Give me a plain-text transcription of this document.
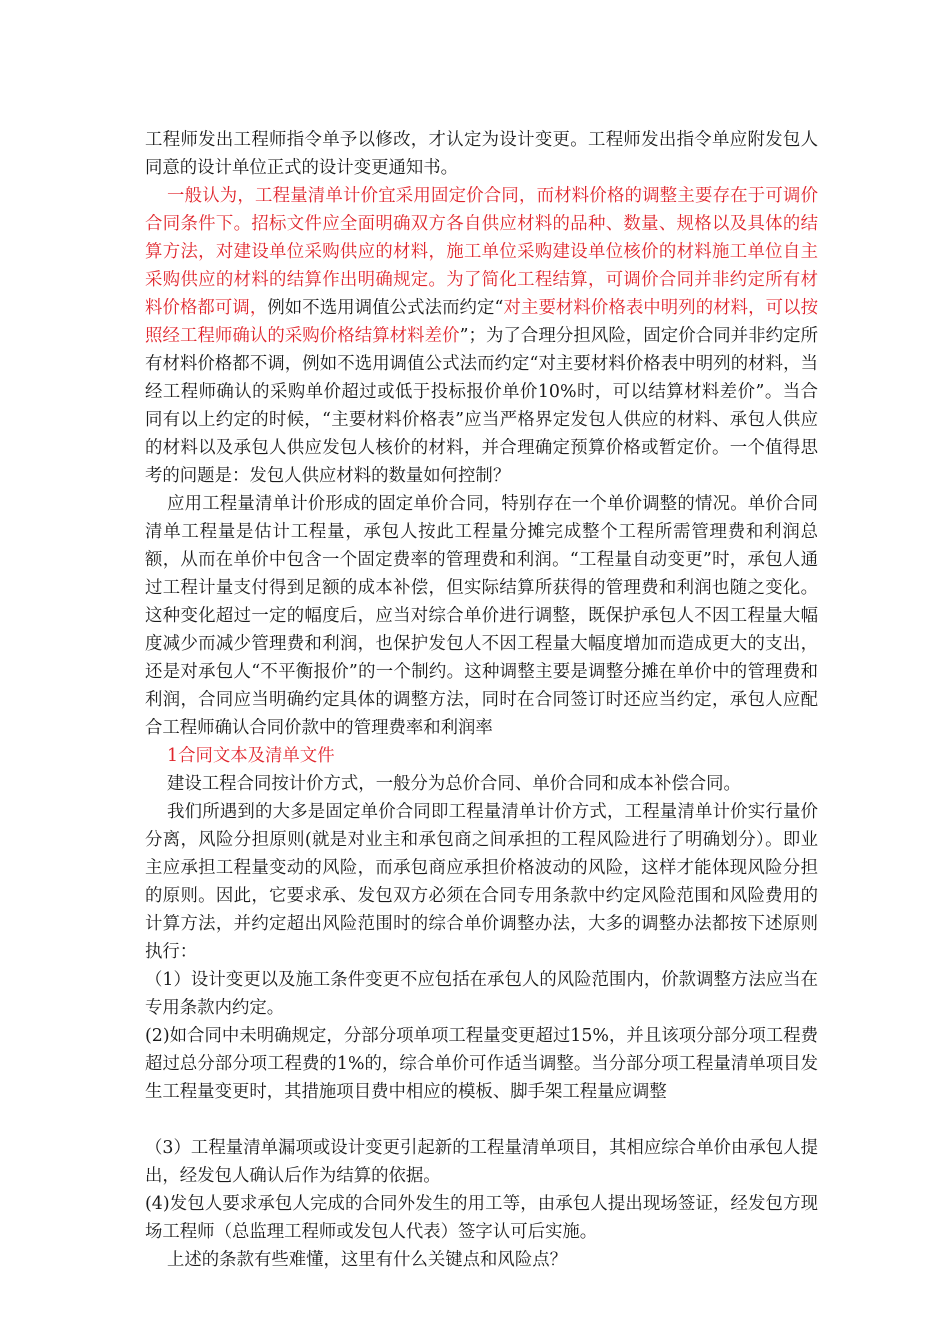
工程师发出工程师指令单予以修改，才认定为设计变更。工程师发出指令单应附发包人同意的设计单位正式的设计变更通知书。

一般认为，工程量清单计价宜采用固定价合同，而材料价格的调整主要存在于可调价合同条件下。招标文件应全面明确双方各自供应材料的品种、数量、规格以及具体的结算方法，对建设单位采购供应的材料，施工单位采购建设单位核价的材料施工单位自主采购供应的材料的结算作出明确规定。为了简化工程结算，可调价合同并非约定所有材料价格都可调，例如不选用调值公式法而约定“对主要材料价格表中明列的材料，可以按照经工程师确认的采购价格结算材料差价”；为了合理分担风险，固定价合同并非约定所有材料价格都不调，例如不选用调值公式法而约定“对主要材料价格表中明列的材料，当经工程师确认的采购单价超过或低于投标报价单价10%时，可以结算材料差价”。当合同有以上约定的时候，“主要材料价格表”应当严格界定发包人供应的材料、承包人供应的材料以及承包人供应发包人核价的材料，并合理确定预算价格或暂定价。一个值得思考的问题是：发包人供应材料的数量如何控制？

应用工程量清单计价形成的固定单价合同，特别存在一个单价调整的情况。单价合同清单工程量是估计工程量，承包人按此工程量分摊完成整个工程所需管理费和利润总额，从而在单价中包含一个固定费率的管理费和利润。“工程量自动变更”时，承包人通过工程计量支付得到足额的成本补偿，但实际结算所获得的管理费和利润也随之变化。这种变化超过一定的幅度后，应当对综合单价进行调整，既保护承包人不因工程量大幅度减少而减少管理费和利润，也保护发包人不因工程量大幅度增加而造成更大的支出，还是对承包人“不平衡报价”的一个制约。这种调整主要是调整分摊在单价中的管理费和利润，合同应当明确约定具体的调整方法，同时在合同签订时还应当约定，承包人应配合工程师确认合同价款中的管理费率和利润率

1合同文本及清单文件

建设工程合同按计价方式，一般分为总价合同、单价合同和成本补偿合同。

我们所遇到的大多是固定单价合同即工程量清单计价方式，工程量清单计价实行量价分离，风险分担原则(就是对业主和承包商之间承担的工程风险进行了明确划分）。即业主应承担工程量变动的风险，而承包商应承担价格波动的风险，这样才能体现风险分担的原则。因此，它要求承、发包双方必须在合同专用条款中约定风险范围和风险费用的计算方法，并约定超出风险范围时的综合单价调整办法，大多的调整办法都按下述原则执行：

（1）设计变更以及施工条件变更不应包括在承包人的风险范围内，价款调整方法应当在专用条款内约定。

(2)如合同中未明确规定，分部分项单项工程量变更超过15%，并且该项分部分项工程费超过总分部分项工程费的1%的，综合单价可作适当调整。当分部分项工程量清单项目发生工程量变更时，其措施项目费中相应的模板、脚手架工程量应调整

（3）工程量清单漏项或设计变更引起新的工程量清单项目，其相应综合单价由承包人提出，经发包人确认后作为结算的依据。

(4)发包人要求承包人完成的合同外发生的用工等，由承包人提出现场签证，经发包方现场工程师（总监理工程师或发包人代表）签字认可后实施。

上述的条款有些难懂，这里有什么关键点和风险点？
